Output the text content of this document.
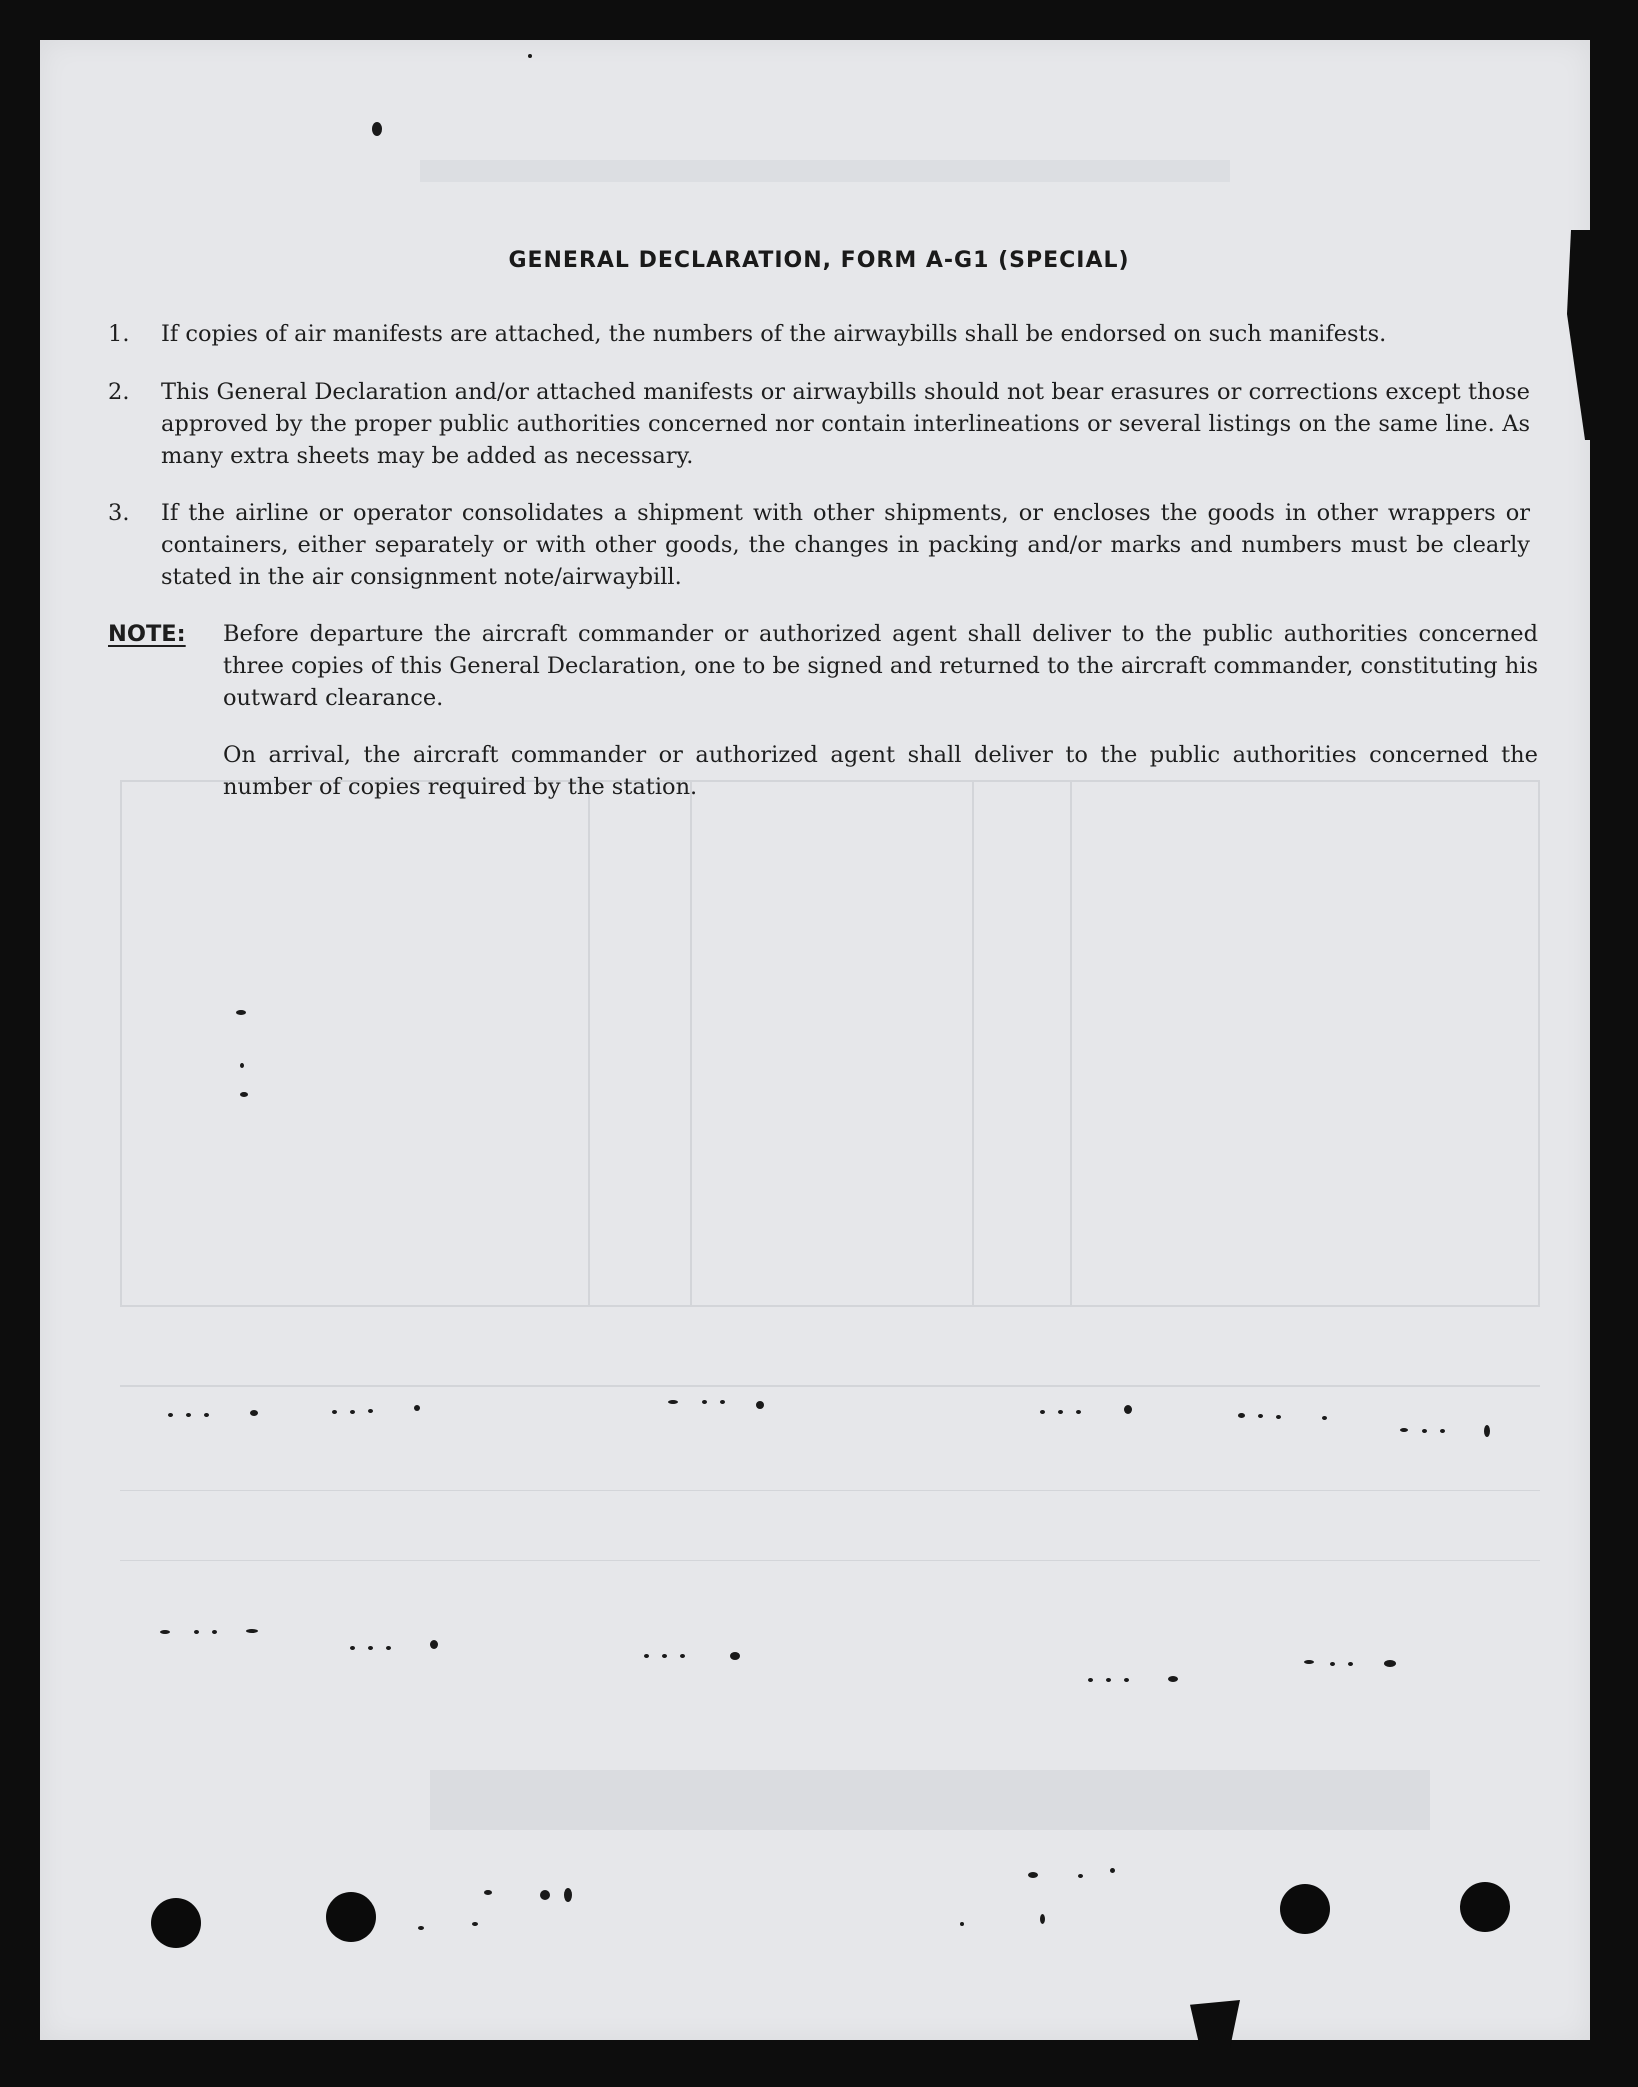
GENERAL DECLARATION, FORM A-G1 (SPECIAL)
1.	If copies of air manifests are attached, the numbers of the airwaybills shall be endorsed on such manifests.
2.	This General Declaration and/or attached manifests or airwaybills should not bear erasures or corrections except those approved by the proper public authorities concerned nor contain interlineations or several listings on the same line. As many extra sheets may be added as necessary.
3.	If the airline or operator consolidates a shipment with other shipments, or encloses the goods in other wrappers or containers, either separately or with other goods, the changes in packing and/or marks and numbers must be clearly stated in the air consignment note/airwaybill.
NOTE: Before departure the aircraft commander or authorized agent shall deliver to the public authorities concerned three copies of this General Declaration, one to be signed and returned to the aircraft commander, constituting his outward clearance.
On arrival, the aircraft commander or authorized agent shall deliver to the public authorities concerned the number of copies required by the station.
